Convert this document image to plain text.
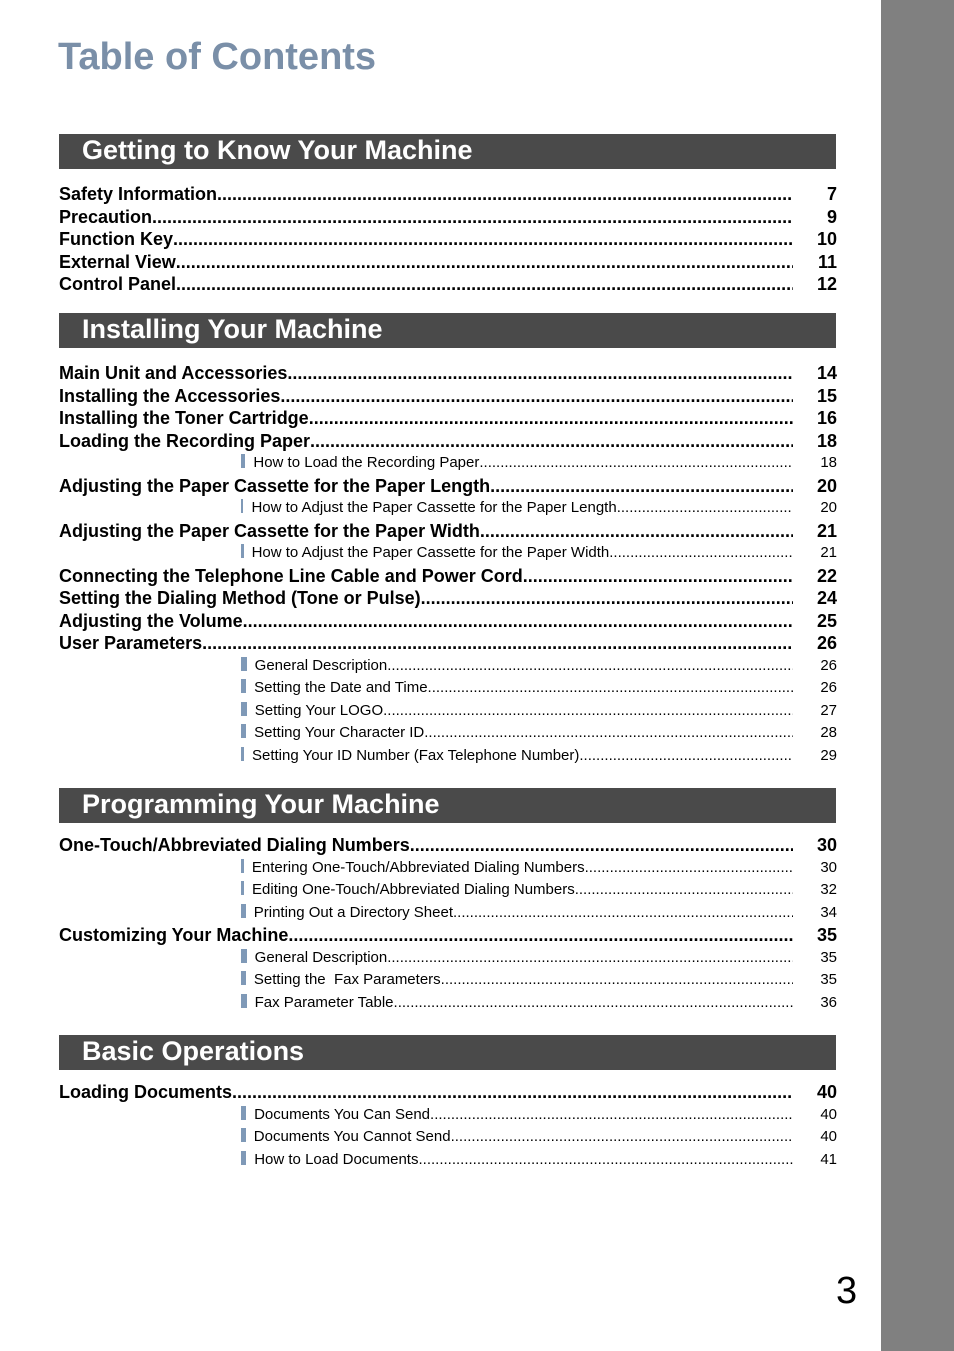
Table of Contents
Getting to Know Your Machine
Safety Information .....	7
Precaution .....	9
Function Key .....	10
External View .....	11
Control Panel .....	12
Installing Your Machine
Main Unit and Accessories .....	14
Installing the Accessories .....	15
Installing the Toner Cartridge .....	16
Loading the Recording Paper .....	18
How to Load the Recording Paper .....	18
Adjusting the Paper Cassette for the Paper Length .....	20
How to Adjust the Paper Cassette for the Paper Length .....	20
Adjusting the Paper Cassette for the Paper Width .....	21
How to Adjust the Paper Cassette for the Paper Width .....	21
Connecting the Telephone Line Cable and Power Cord .....	22
Setting the Dialing Method (Tone or Pulse) .....	24
Adjusting the Volume .....	25
User Parameters .....	26
General Description .....	26
Setting the Date and Time .....	26
Setting Your LOGO .....	27
Setting Your Character ID .....	28
Setting Your ID Number (Fax Telephone Number) .....	29
Programming Your Machine
One-Touch/Abbreviated Dialing Numbers .....	30
Entering One-Touch/Abbreviated Dialing Numbers .....	30
Editing One-Touch/Abbreviated Dialing Numbers .....	32
Printing Out a Directory Sheet .....	34
Customizing Your Machine .....	35
General Description .....	35
Setting the  Fax Parameters .....	35
Fax Parameter Table .....	36
Basic Operations
Loading Documents .....	40
Documents You Can Send .....	40
Documents You Cannot Send .....	40
How to Load Documents .....	41
3
